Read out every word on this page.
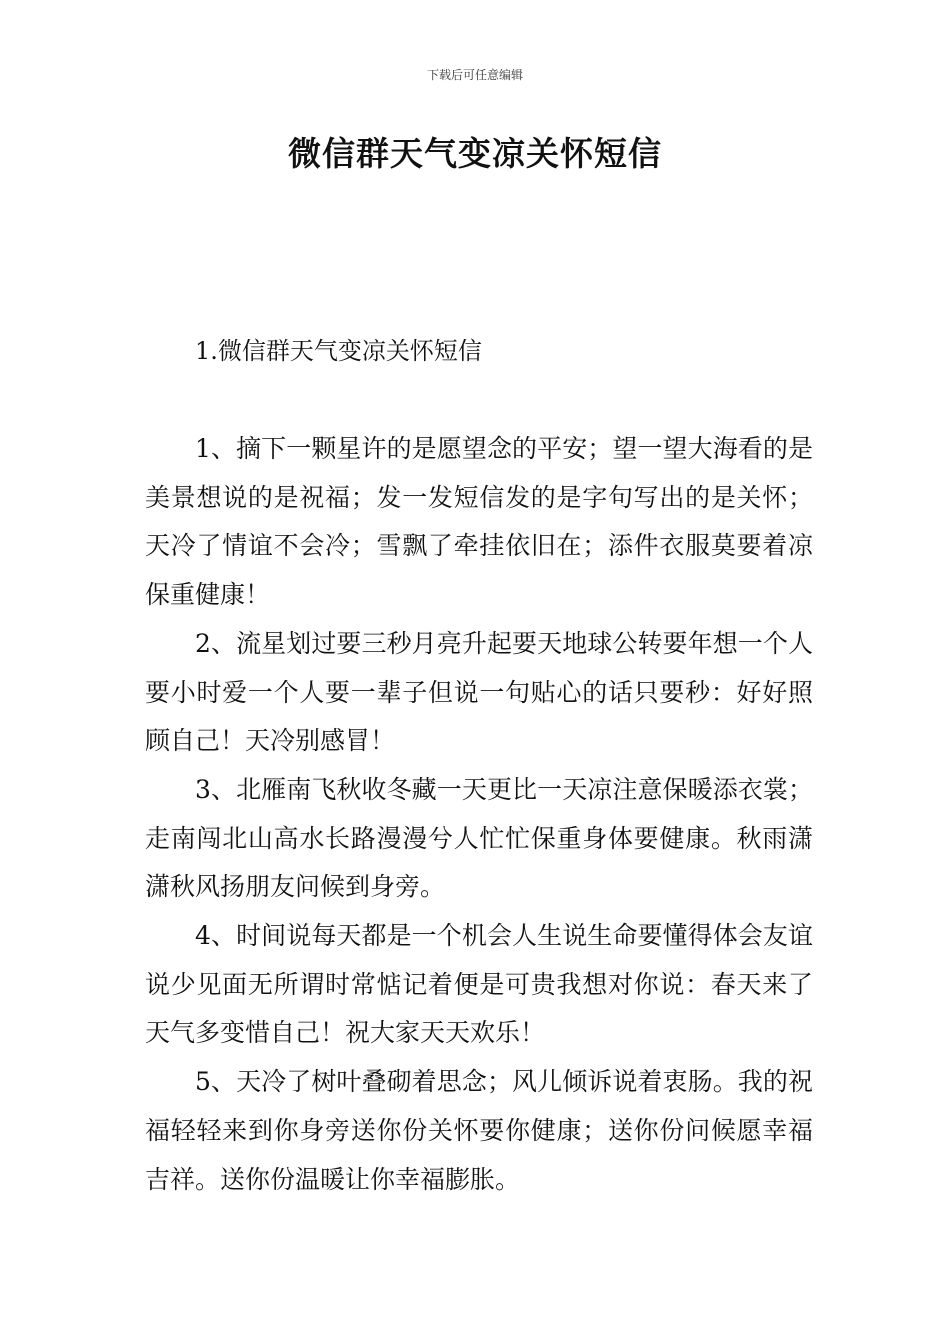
下载后可任意编辑
微信群天气变凉关怀短信
1.微信群天气变凉关怀短信

1、摘下一颗星许的是愿望念的平安；望一望大海看的是美景想说的是祝福；发一发短信发的是字句写出的是关怀；天冷了情谊不会冷；雪飘了牵挂依旧在；添件衣服莫要着凉保重健康！

2、流星划过要三秒月亮升起要天地球公转要年想一个人要小时爱一个人要一辈子但说一句贴心的话只要秒：好好照顾自己！天冷别感冒！

3、北雁南飞秋收冬藏一天更比一天凉注意保暖添衣裳；走南闯北山高水长路漫漫兮人忙忙保重身体要健康。秋雨潇潇秋风扬朋友问候到身旁。

4、时间说每天都是一个机会人生说生命要懂得体会友谊说少见面无所谓时常惦记着便是可贵我想对你说：春天来了天气多变惜自己！祝大家天天欢乐！

5、天冷了树叶叠砌着思念；风儿倾诉说着衷肠。我的祝福轻轻来到你身旁送你份关怀要你健康；送你份问候愿幸福吉祥。送你份温暖让你幸福膨胀。
